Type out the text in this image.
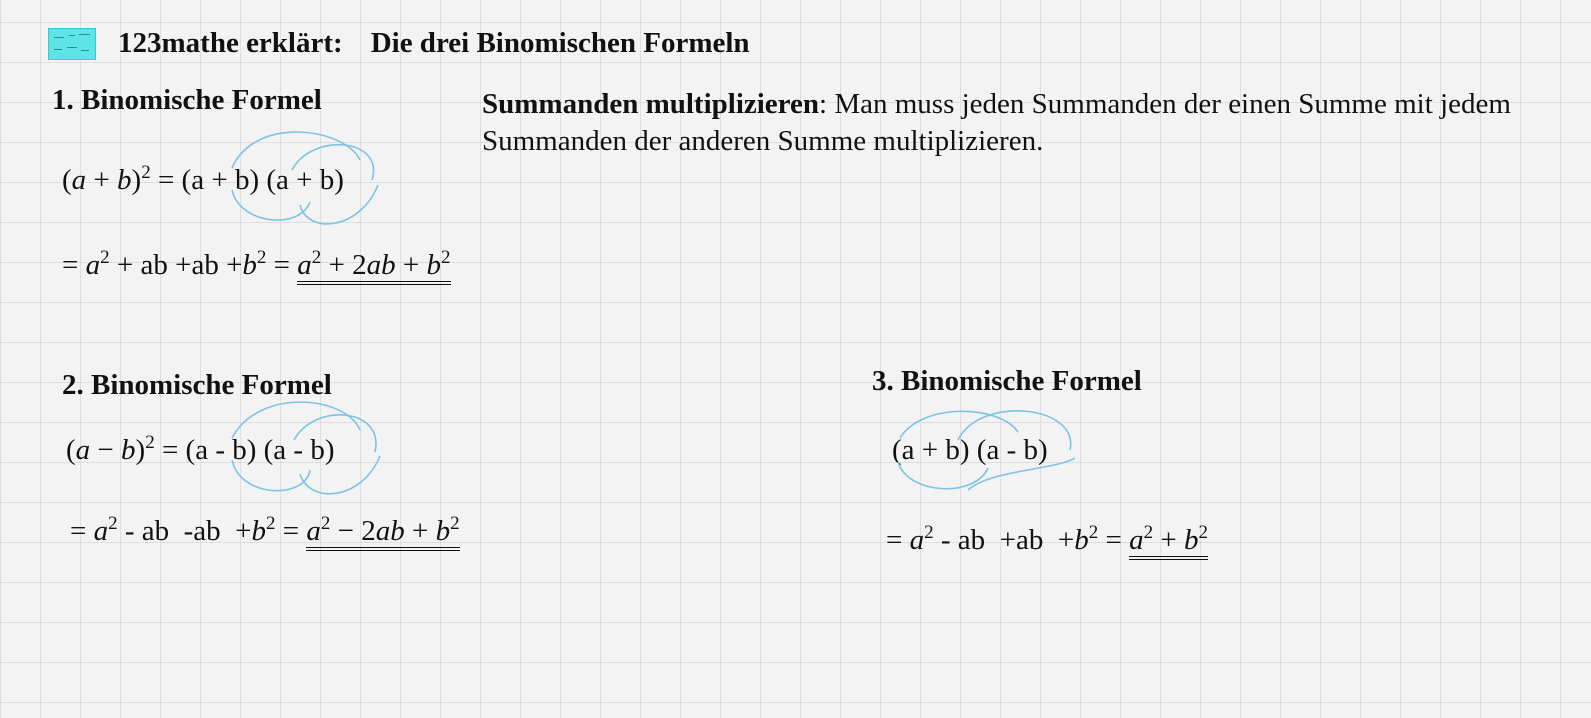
123mathe erklärt: Die drei Binomischen Formeln
Summanden multiplizieren: Man muss jeden Summanden der einen Summe mit jedem Summanden der anderen Summe multiplizieren.
1. Binomische Formel
$(a + b)^2 = (a + b)$ (a + b)
= $a^2$ + ab $+ab +b^2 = a^2 + 2ab + b^2$
2. Binomische Formel
$(a - b)^2 = (a - b)$ (a - b)
= $a^2$ - ab  $-ab +b^2 = a^2 - 2ab + b^2$
3. Binomische Formel
(a + b) (a - b)
= $a^2$ - ab  $+ab +b^2 = a^2 + b^2$
